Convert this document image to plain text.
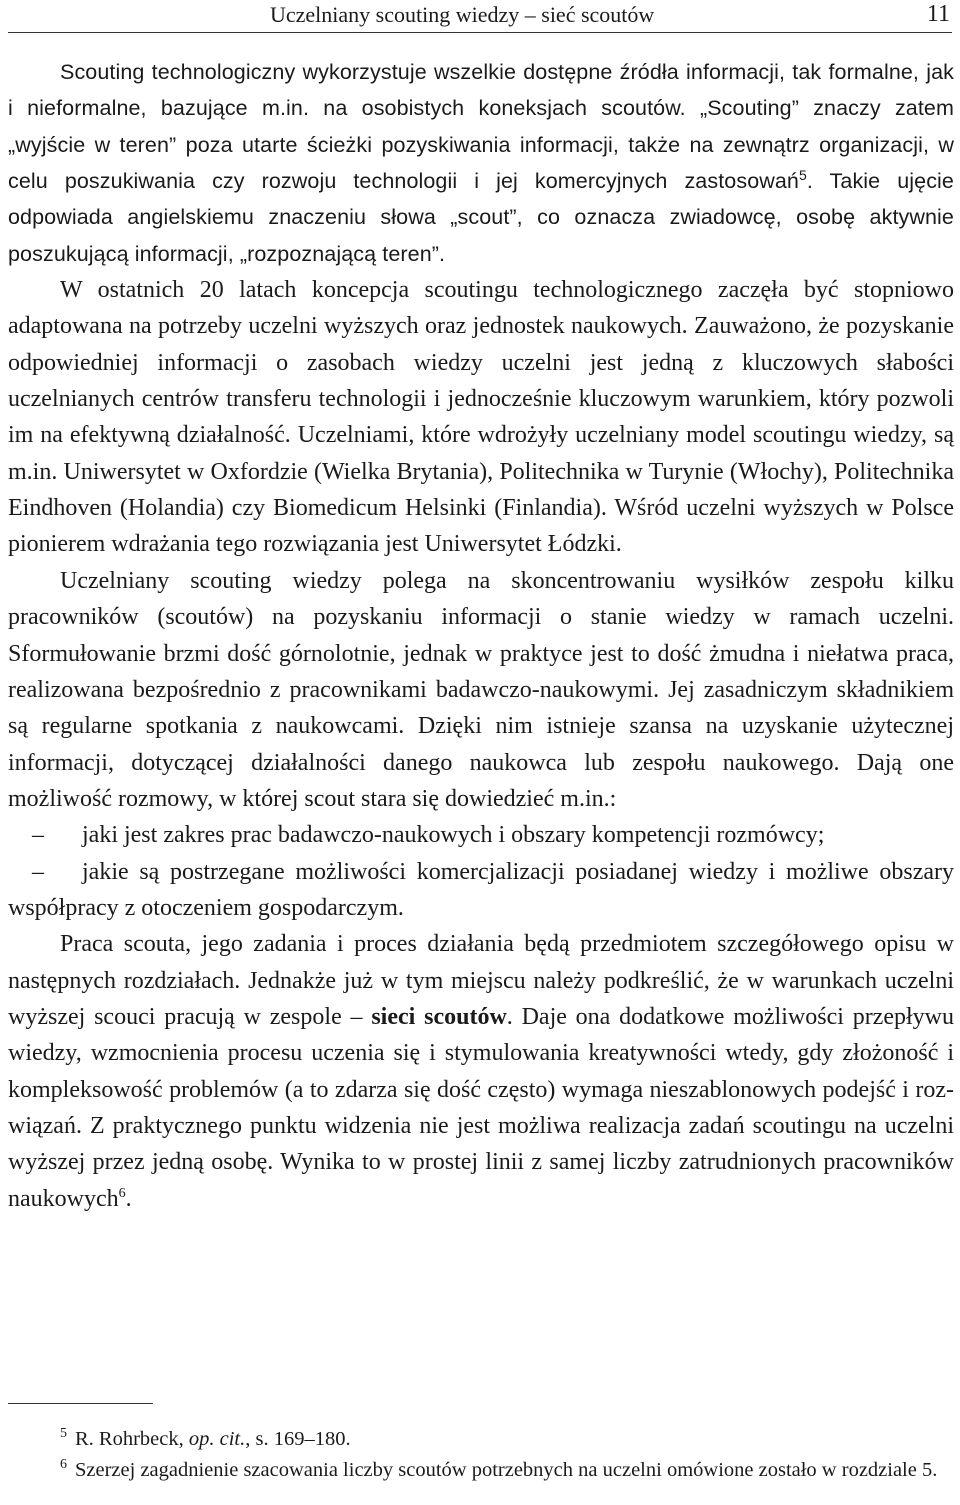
Uczelniany scouting wiedzy – sieć scoutów	11

Scouting technologiczny wykorzystuje wszelkie dostępne źródła informacji, tak formalne, jak i nieformalne, bazujące m.in. na osobistych koneksjach scoutów. „Scouting” znaczy zatem „wyjście w teren” poza utarte ścieżki pozyskiwania informacji, także na zewnątrz organizacji, w celu poszukiwania czy rozwoju technologii i jej komercyjnych zastosowań$^5$. Takie ujęcie odpowiada angielskiemu znaczeniu słowa „scout”, co oznacza zwiadowcę, osobę aktywnie poszukującą informacji, „rozpoznającą teren”.

W ostatnich 20 latach koncepcja scoutingu technologicznego zaczęła być stopniowo adaptowana na potrzeby uczelni wyższych oraz jednostek naukowych. Zauważono, że pozyskanie odpowiedniej informacji o zasobach wiedzy uczelni jest jedną z kluczowych słabości uczelnianych centrów transferu technologii i jednocześnie kluczowym warunkiem, który pozwoli im na efektywną działalność. Uczelniami, które wdrożyły uczelniany model scoutingu wiedzy, są m.in. Uniwersytet w Oxfordzie (Wielka Brytania), Politechnika w Turynie (Włochy), Politechnika Eindhoven (Holandia) czy Biomedicum Helsinki (Finlandia). Wśród uczelni wyższych w Polsce pionierem wdrażania tego rozwiązania jest Uniwersytet Łódzki.

Uczelniany scouting wiedzy polega na skoncentrowaniu wysiłków zespołu kilku pracowników (scoutów) na pozyskaniu informacji o stanie wiedzy w ramach uczelni. Sformułowanie brzmi dość górnolotnie, jednak w praktyce jest to dość żmudna i niełatwa praca, realizowana bezpośrednio z pracownikami badawczo-naukowymi. Jej zasadniczym składnikiem są regularne spotkania z naukowcami. Dzięki nim istnieje szansa na uzyskanie użytecznej informacji, dotyczącej działalności danego naukowca lub zespołu naukowego. Dają one możliwość rozmowy, w której scout stara się dowiedzieć m.in.:

– jaki jest zakres prac badawczo-naukowych i obszary kompetencji rozmówcy;

– jakie są postrzegane możliwości komercjalizacji posiadanej wiedzy i możliwe obszary współpracy z otoczeniem gospodarczym.

Praca scouta, jego zadania i proces działania będą przedmiotem szczegółowego opisu w następnych rozdziałach. Jednakże już w tym miejscu należy podkreślić, że w warunkach uczelni wyższej scouci pracują w zespole – sieci scoutów. Daje ona dodatkowe możliwości przepływu wiedzy, wzmocnienia procesu uczenia się i stymulowania kreatywności wtedy, gdy złożoność i kompleksowość problemów (a to zdarza się dość często) wymaga nieszablonowych podejść i rozwiązań. Z praktycznego punktu widzenia nie jest możliwa realizacja zadań scoutingu na uczelni wyższej przez jedną osobę. Wynika to w prostej linii z samej liczby zatrudnionych pracowników naukowych$^6$.

$^5$ R. Rohrbeck, op. cit., s. 169–180.

$^6$ Szerzej zagadnienie szacowania liczby scoutów potrzebnych na uczelni omówione zostało w rozdziale 5.
